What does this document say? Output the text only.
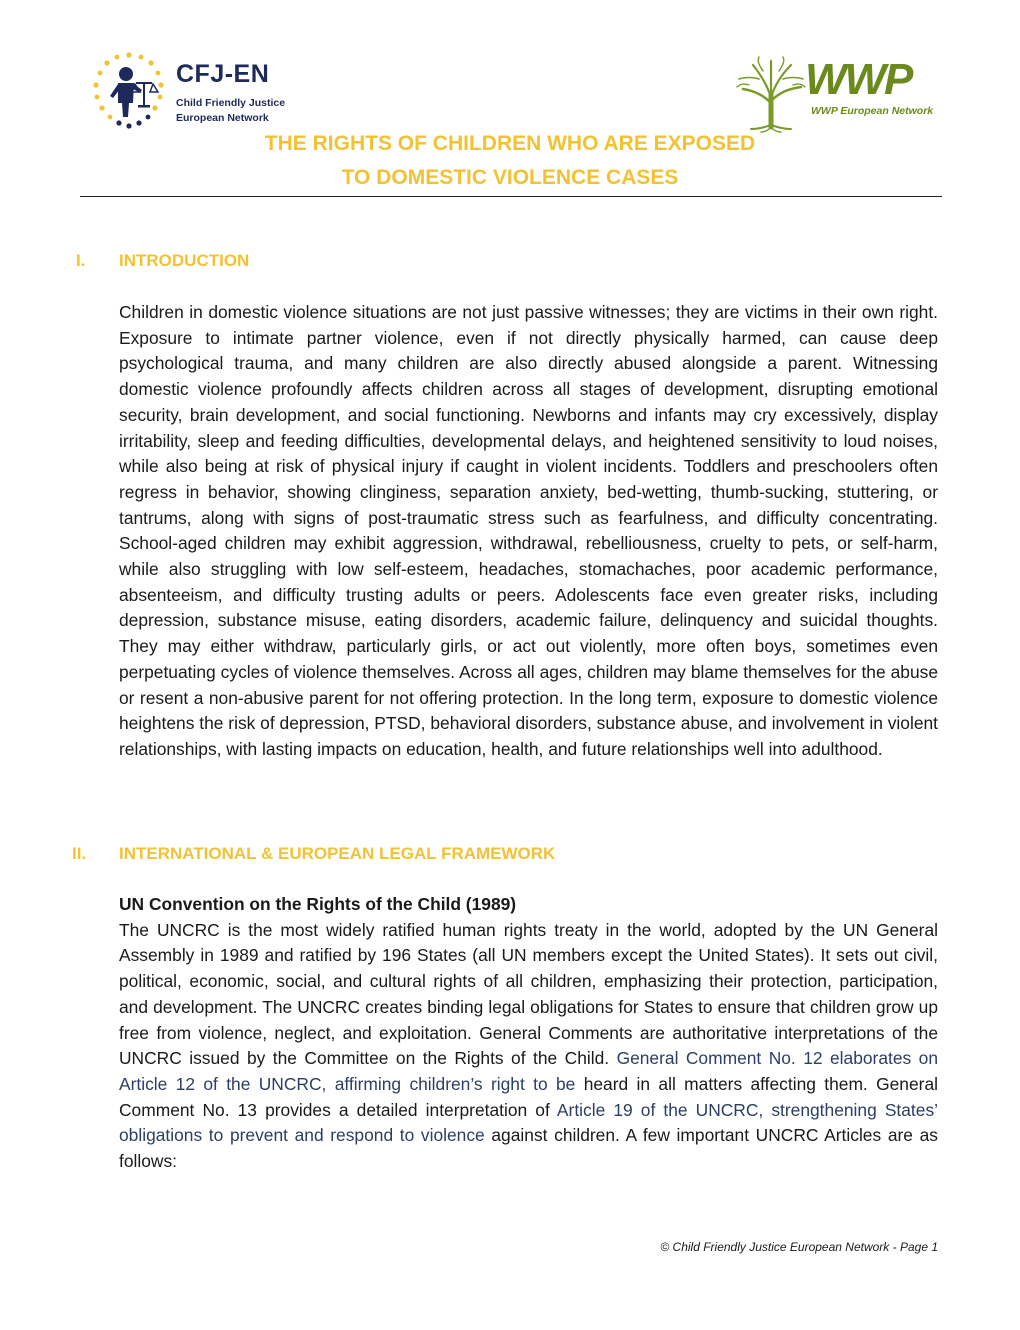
CFJ-EN
Child Friendly Justice
European Network
WWP
WWP European Network
THE RIGHTS OF CHILDREN WHO ARE EXPOSED
TO DOMESTIC VIOLENCE CASES
I. INTRODUCTION
Children in domestic violence situations are not just passive witnesses; they are victims in their own right. Exposure to intimate partner violence, even if not directly physically harmed, can cause deep psychological trauma, and many children are also directly abused alongside a parent. Witnessing domestic violence profoundly affects children across all stages of development, disrupting emotional security, brain development, and social functioning. Newborns and infants may cry excessively, display irritability, sleep and feeding difficulties, developmental delays, and heightened sensitivity to loud noises, while also being at risk of physical injury if caught in violent incidents. Toddlers and preschoolers often regress in behavior, showing clinginess, separation anxiety, bed-wetting, thumb-sucking, stuttering, or tantrums, along with signs of post-traumatic stress such as fearfulness, and difficulty concentrating. School-aged children may exhibit aggression, withdrawal, rebelliousness, cruelty to pets, or self-harm, while also struggling with low self-esteem, headaches, stomachaches, poor academic performance, absenteeism, and difficulty trusting adults or peers. Adolescents face even greater risks, including depression, substance misuse, eating disorders, academic failure, delinquency and suicidal thoughts. They may either withdraw, particularly girls, or act out violently, more often boys, sometimes even perpetuating cycles of violence themselves. Across all ages, children may blame themselves for the abuse or resent a non-abusive parent for not offering protection. In the long term, exposure to domestic violence heightens the risk of depression, PTSD, behavioral disorders, substance abuse, and involvement in violent relationships, with lasting impacts on education, health, and future relationships well into adulthood.
II. INTERNATIONAL & EUROPEAN LEGAL FRAMEWORK
UN Convention on the Rights of the Child (1989)
The UNCRC is the most widely ratified human rights treaty in the world, adopted by the UN General Assembly in 1989 and ratified by 196 States (all UN members except the United States). It sets out civil, political, economic, social, and cultural rights of all children, emphasizing their protection, participation, and development. The UNCRC creates binding legal obligations for States to ensure that children grow up free from violence, neglect, and exploitation. General Comments are authoritative interpretations of the UNCRC issued by the Committee on the Rights of the Child. General Comment No. 12 elaborates on Article 12 of the UNCRC, affirming children’s right to be heard in all matters affecting them. General Comment No. 13 provides a detailed interpretation of Article 19 of the UNCRC, strengthening States’ obligations to prevent and respond to violence against children. A few important UNCRC Articles are as follows:
© Child Friendly Justice European Network - Page 1
